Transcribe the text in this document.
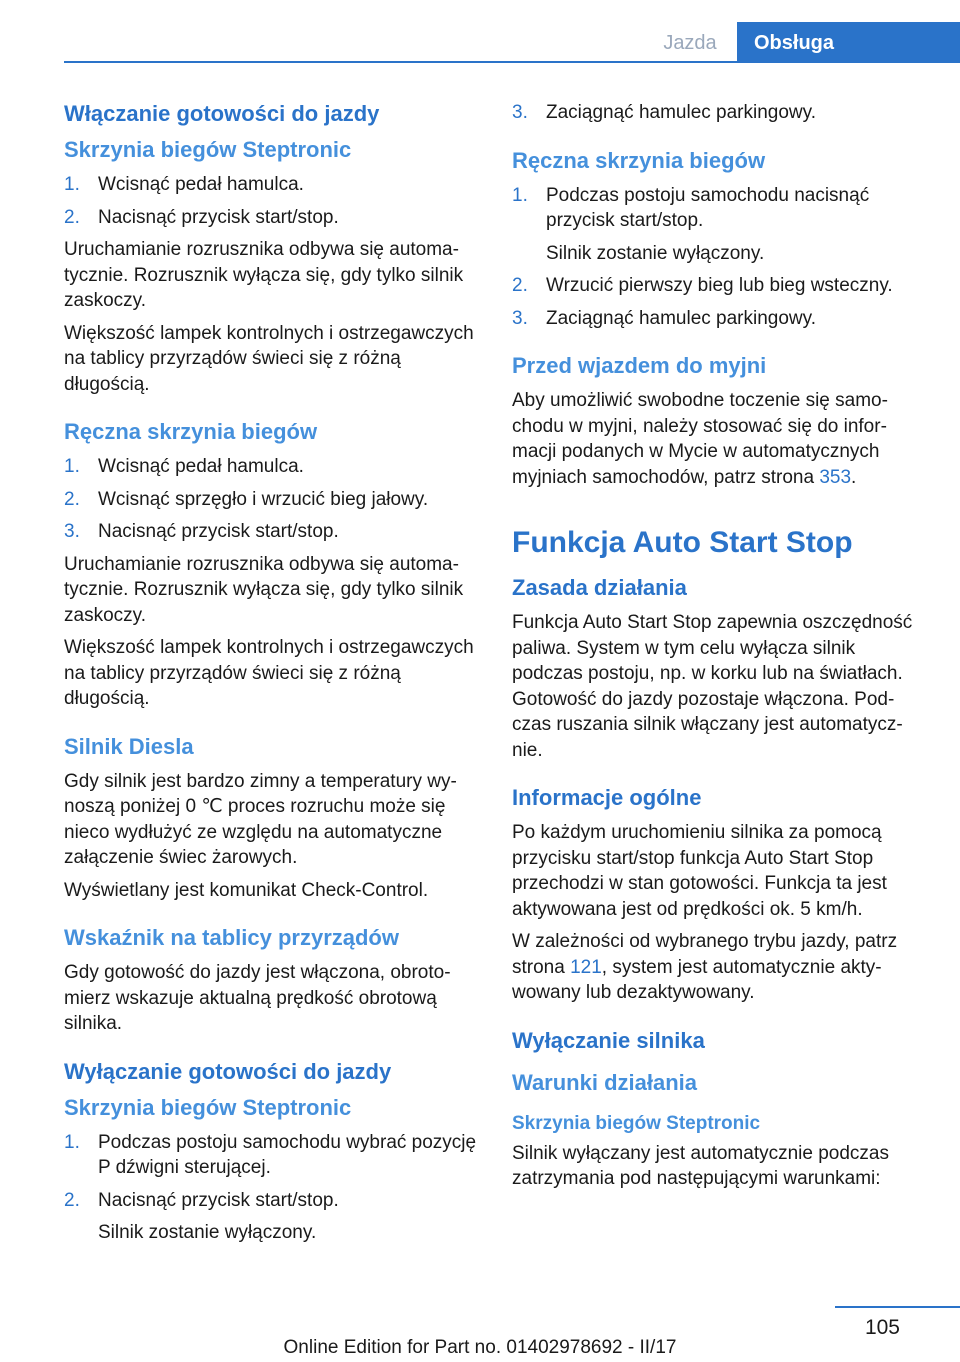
Jazda	Obsługa
Włączanie gotowości do jazdy
Skrzynia biegów Steptronic
1. Wcisnąć pedał hamulca.
2. Nacisnąć przycisk start/stop.

Uruchamianie rozrusznika odbywa się automatycznie. Rozrusznik wyłącza się, gdy tylko silnik zaskoczy.

Większość lampek kontrolnych i ostrzegawczych na tablicy przyrządów świeci się z różną długością.

Ręczna skrzynia biegów
1. Wcisnąć pedał hamulca.
2. Wcisnąć sprzęgło i wrzucić bieg jałowy.
3. Nacisnąć przycisk start/stop.

Uruchamianie rozrusznika odbywa się automatycznie. Rozrusznik wyłącza się, gdy tylko silnik zaskoczy.

Większość lampek kontrolnych i ostrzegawczych na tablicy przyrządów świeci się z różną długością.

Silnik Diesla

Gdy silnik jest bardzo zimny a temperatury wynoszą poniżej 0 ℃ proces rozruchu może się nieco wydłużyć ze względu na automatyczne załączenie świec żarowych.

Wyświetlany jest komunikat Check-Control.

Wskaźnik na tablicy przyrządów

Gdy gotowość do jazdy jest włączona, obrotomierz wskazuje aktualną prędkość obrotową silnika.

Wyłączanie gotowości do jazdy
Skrzynia biegów Steptronic
1. Podczas postoju samochodu wybrać pozycję P dźwigni sterującej.
2. Nacisnąć przycisk start/stop.
Silnik zostanie wyłączony.
3. Zaciągnąć hamulec parkingowy.
Ręczna skrzynia biegów
1. Podczas postoju samochodu nacisnąć przycisk start/stop.
Silnik zostanie wyłączony.
2. Wrzucić pierwszy bieg lub bieg wsteczny.
3. Zaciągnąć hamulec parkingowy.
Przed wjazdem do myjni

Aby umożliwić swobodne toczenie się samochodu w myjni, należy stosować się do informacji podanych w Mycie w automatycznych myjniach samochodów, patrz strona 353.

Funkcja Auto Start Stop
Zasada działania

Funkcja Auto Start Stop zapewnia oszczędność paliwa. System w tym celu wyłącza silnik podczas postoju, np. w korku lub na światłach. Gotowość do jazdy pozostaje włączona. Podczas ruszania silnik włączany jest automatycznie.

Informacje ogólne

Po każdym uruchomieniu silnika za pomocą przycisku start/stop funkcja Auto Start Stop przechodzi w stan gotowości. Funkcja ta jest aktywowana jest od prędkości ok. 5 km/h.

W zależności od wybranego trybu jazdy, patrz strona 121, system jest automatycznie aktywowany lub dezaktywowany.

Wyłączanie silnika
Warunki działania
Skrzynia biegów Steptronic

Silnik wyłączany jest automatycznie podczas zatrzymania pod następującymi warunkami:

105
Online Edition for Part no. 01402978692 - II/17
